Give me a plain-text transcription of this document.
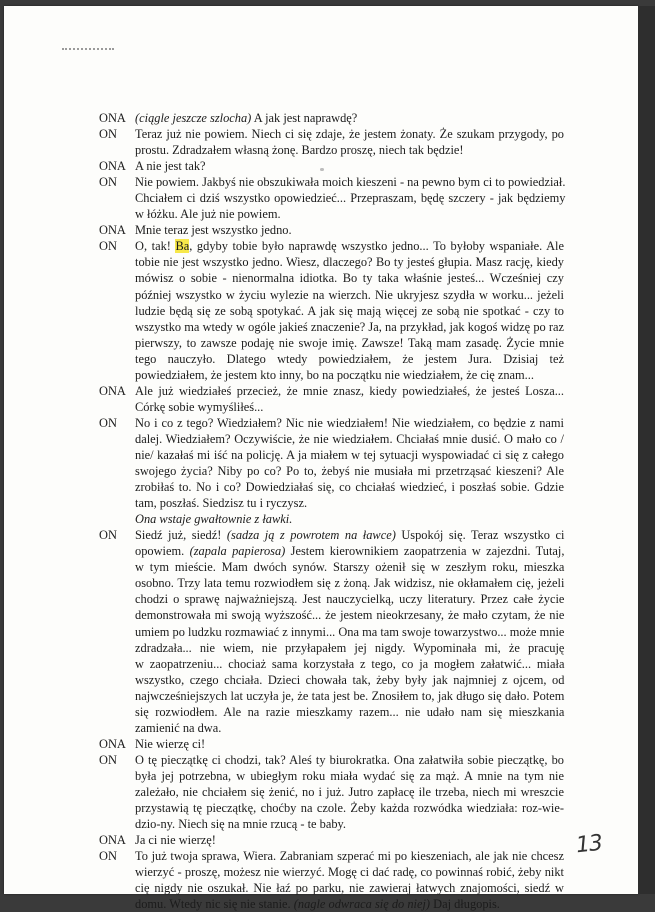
ONA (ciągle jeszcze szlocha) A jak jest naprawdę?
ON	Teraz już nie powiem. Niech ci się zdaje, że jestem żonaty. Że szukam przygody, po
prostu. Zdradzałem własną żonę. Bardzo proszę, niech tak będzie!
ONA A nie jest tak?
ON	Nie powiem. Jakbyś nie obszukiwała moich kieszeni - na pewno bym ci to powiedział.
Chciałem ci dziś wszystko opowiedzieć... Przepraszam, będę szczery - jak będziemy
w łóżku. Ale już nie powiem.
ONA Mnie teraz jest wszystko jedno.
ON	O, tak! Ba, gdyby tobie było naprawdę wszystko jedno... To byłoby wspaniałe. Ale
tobie nie jest wszystko jedno. Wiesz, dlaczego? Bo ty jesteś głupia. Masz rację, kiedy
mówisz o sobie - nienormalna idiotka. Bo ty taka właśnie jesteś... Wcześniej czy
później wszystko w życiu wylezie na wierzch. Nie ukryjesz szydła w worku... jeżeli
ludzie będą się ze sobą spotykać. A jak się mają więcej ze sobą nie spotkać - czy to
wszystko ma wtedy w ogóle jakieś znaczenie? Ja, na przykład, jak kogoś widzę po raz
pierwszy, to zawsze podaję nie swoje imię. Zawsze! Taką mam zasadę. Życie mnie
tego nauczyło. Dlatego wtedy powiedziałem, że jestem Jura. Dzisiaj też
powiedziałem, że jestem kto inny, bo na początku nie wiedziałem, że cię znam...
ONA Ale już wiedziałeś przecież, że mnie znasz, kiedy powiedziałeś, że jesteś Losza...
Córkę sobie wymyśliłeś...
ON	No i co z tego? Wiedziałem? Nic nie wiedziałem! Nie wiedziałem, co będzie z nami
dalej. Wiedziałem? Oczywiście, że nie wiedziałem. Chciałaś mnie dusić. O mało co /
nie/ kazałaś mi iść na policję. A ja miałem w tej sytuacji wyspowiadać ci się z całego
swojego życia? Niby po co? Po to, żebyś nie musiała mi przetrząsać kieszeni? Ale
zrobiłaś to. No i co? Dowiedziałaś się, co chciałaś wiedzieć, i poszłaś sobie. Gdzie
tam, poszłaś. Siedzisz tu i ryczysz.
Ona wstaje gwałtownie z ławki.
ON	Siedź już, siedź! (sadza ją z powrotem na ławce) Uspokój się. Teraz wszystko ci
opowiem. (zapala papierosa) Jestem kierownikiem zaopatrzenia w zajezdni. Tutaj,
w tym mieście. Mam dwóch synów. Starszy ożenił się w zeszłym roku, mieszka
osobno. Trzy lata temu rozwiodłem się z żoną. Jak widzisz, nie okłamałem cię, jeżeli
chodzi o sprawę najważniejszą. Jest nauczycielką, uczy literatury. Przez całe życie
demonstrowała mi swoją wyższość... że jestem nieokrzesany, że mało czytam, że nie
umiem po ludzku rozmawiać z innymi... Ona ma tam swoje towarzystwo... może mnie
zdradzała... nie wiem, nie przyłapałem jej nigdy. Wypominała mi, że pracuję
w zaopatrzeniu... chociaż sama korzystała z tego, co ja mogłem załatwić... miała
wszystko, czego chciała. Dzieci chowała tak, żeby były jak najmniej z ojcem, od
najwcześniejszych lat uczyła je, że tata jest be. Znosiłem to, jak długo się dało. Potem
się rozwiodłem. Ale na razie mieszkamy razem... nie udało nam się mieszkania
zamienić na dwa.
ONA Nie wierzę ci!
ON	O tę pieczątkę ci chodzi, tak? Aleś ty biurokratka. Ona załatwiła sobie pieczątkę, bo
była jej potrzebna, w ubiegłym roku miała wydać się za mąż. A mnie na tym nie
zależało, nie chciałem się żenić, no i już. Jutro zapłacę ile trzeba, niech mi wreszcie
przystawią tę pieczątkę, choćby na czole. Żeby każda rozwódka wiedziała: roz-wie-
dzio-ny. Niech się na mnie rzucą - te baby.
ONA Ja ci nie wierzę!
ON	To już twoja sprawa, Wiera. Zabraniam szperać mi po kieszeniach, ale jak nie chcesz
wierzyć - proszę, możesz nie wierzyć. Mogę ci dać radę, co powinnaś robić, żeby nikt
cię nigdy nie oszukał. Nie łaź po parku, nie zawieraj łatwych znajomości, siedź w
domu. Wtedy nic się nie stanie. (nagle odwraca się do niej) Daj długopis.
13
